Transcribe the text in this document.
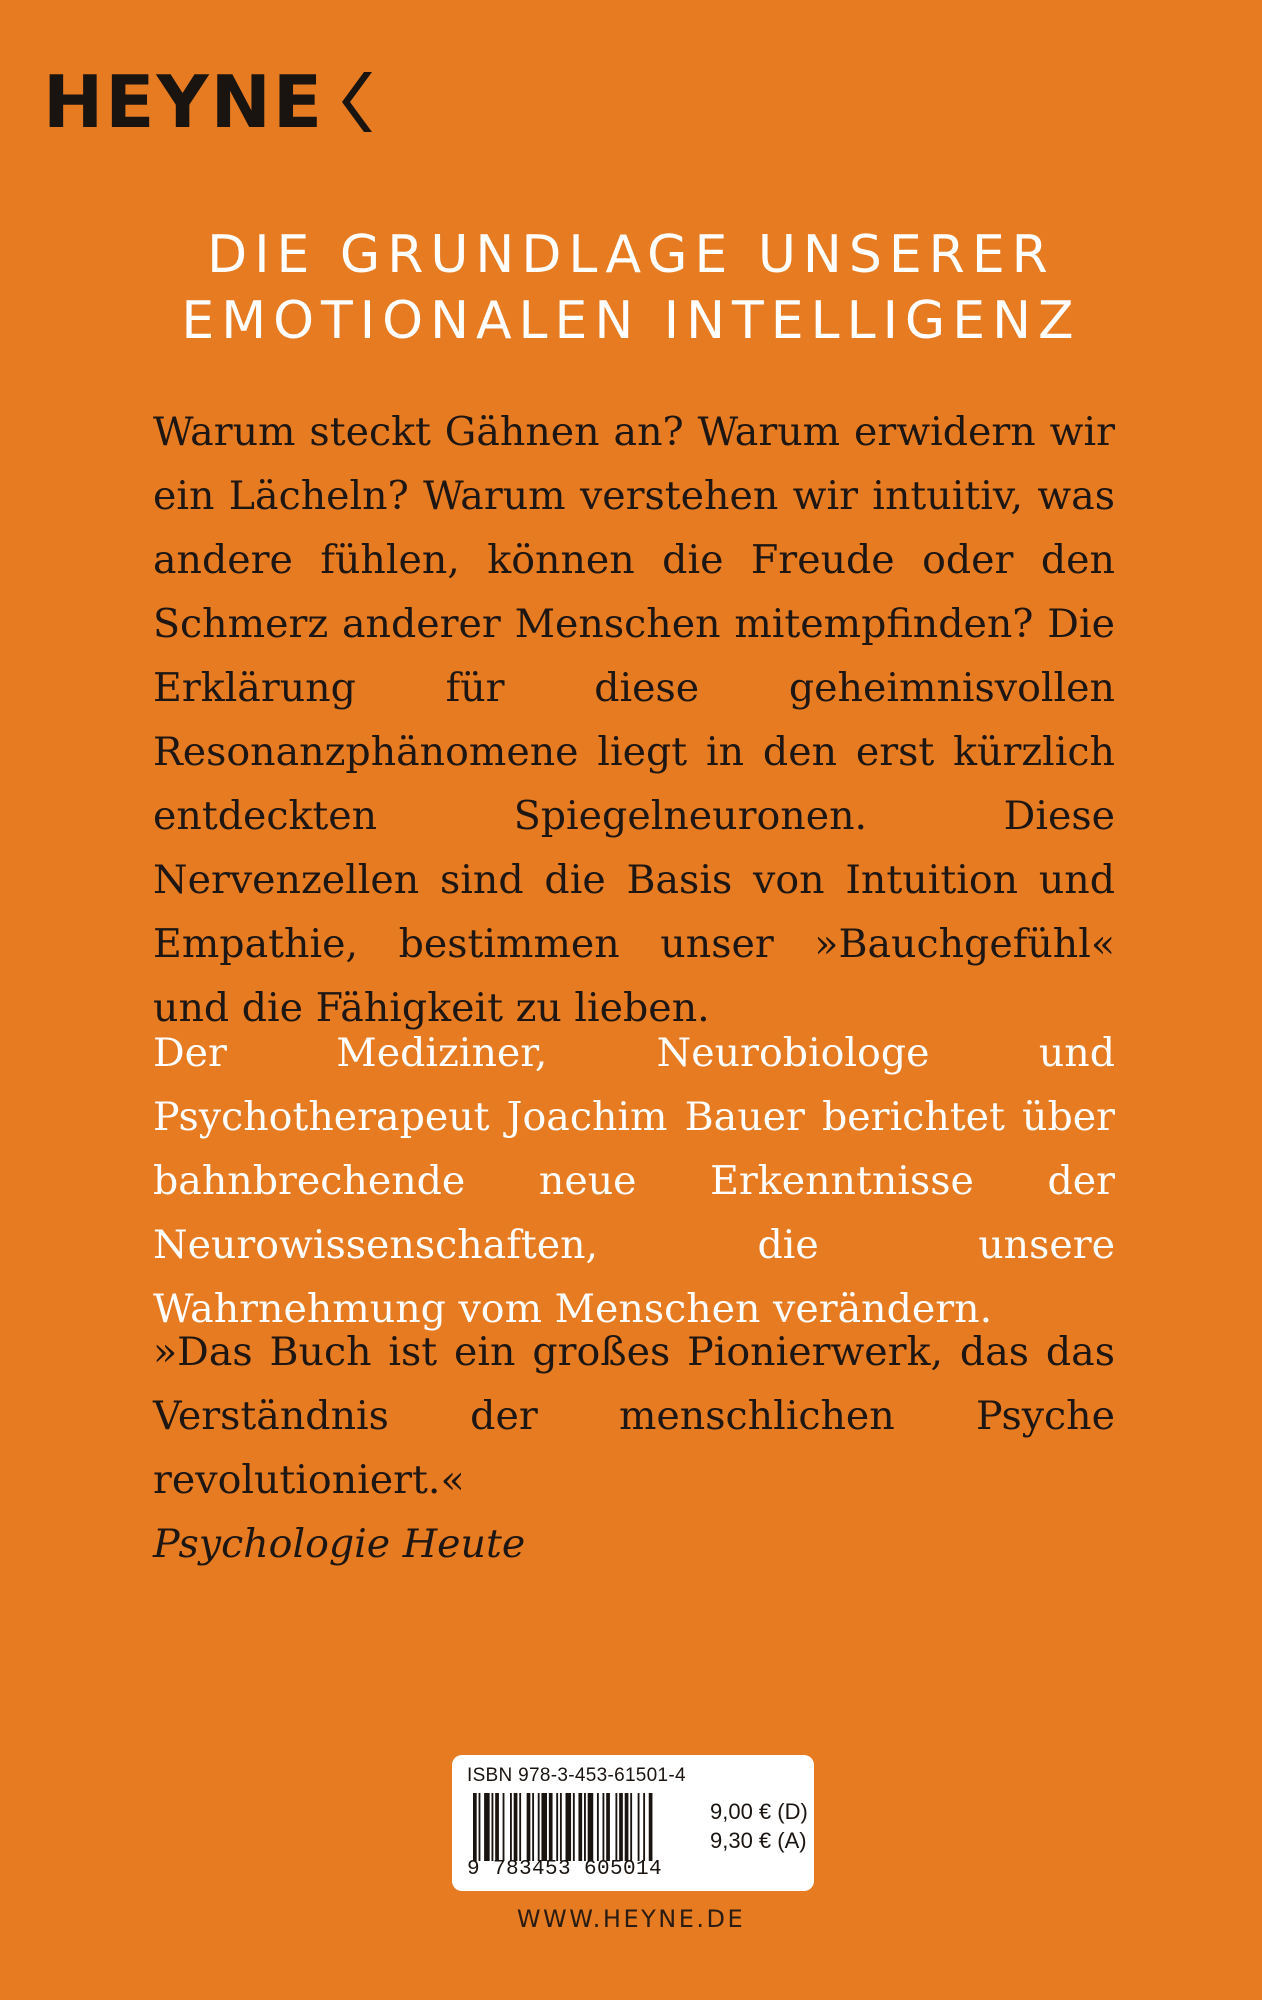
HEYNE
DIE GRUNDLAGE UNSERER
EMOTIONALEN INTELLIGENZ

Warum steckt Gähnen an? Warum erwidern wir ein Lächeln? Warum verstehen wir intuitiv, was andere fühlen, können die Freude oder den Schmerz anderer Menschen mitempfinden? Die Erklärung für diese geheimnisvollen Resonanzphänomene liegt in den erst kürzlich entdeckten Spiegelneuronen. Diese Nervenzellen sind die Basis von Intuition und Empathie, bestimmen unser »Bauchgefühl« und die Fähigkeit zu lieben.

Der Mediziner, Neurobiologe und Psychotherapeut Joachim Bauer berichtet über bahnbrechende neue Erkenntnisse der Neurowissenschaften, die unsere Wahrnehmung vom Menschen verändern.

»Das Buch ist ein großes Pionierwerk, das das Verständnis der menschlichen Psyche revolutioniert.«
Psychologie Heute
ISBN 978-3-453-61501-4
9 783453 605014
9,00 € (D)
9,30 € (A)
WWW.HEYNE.DE
